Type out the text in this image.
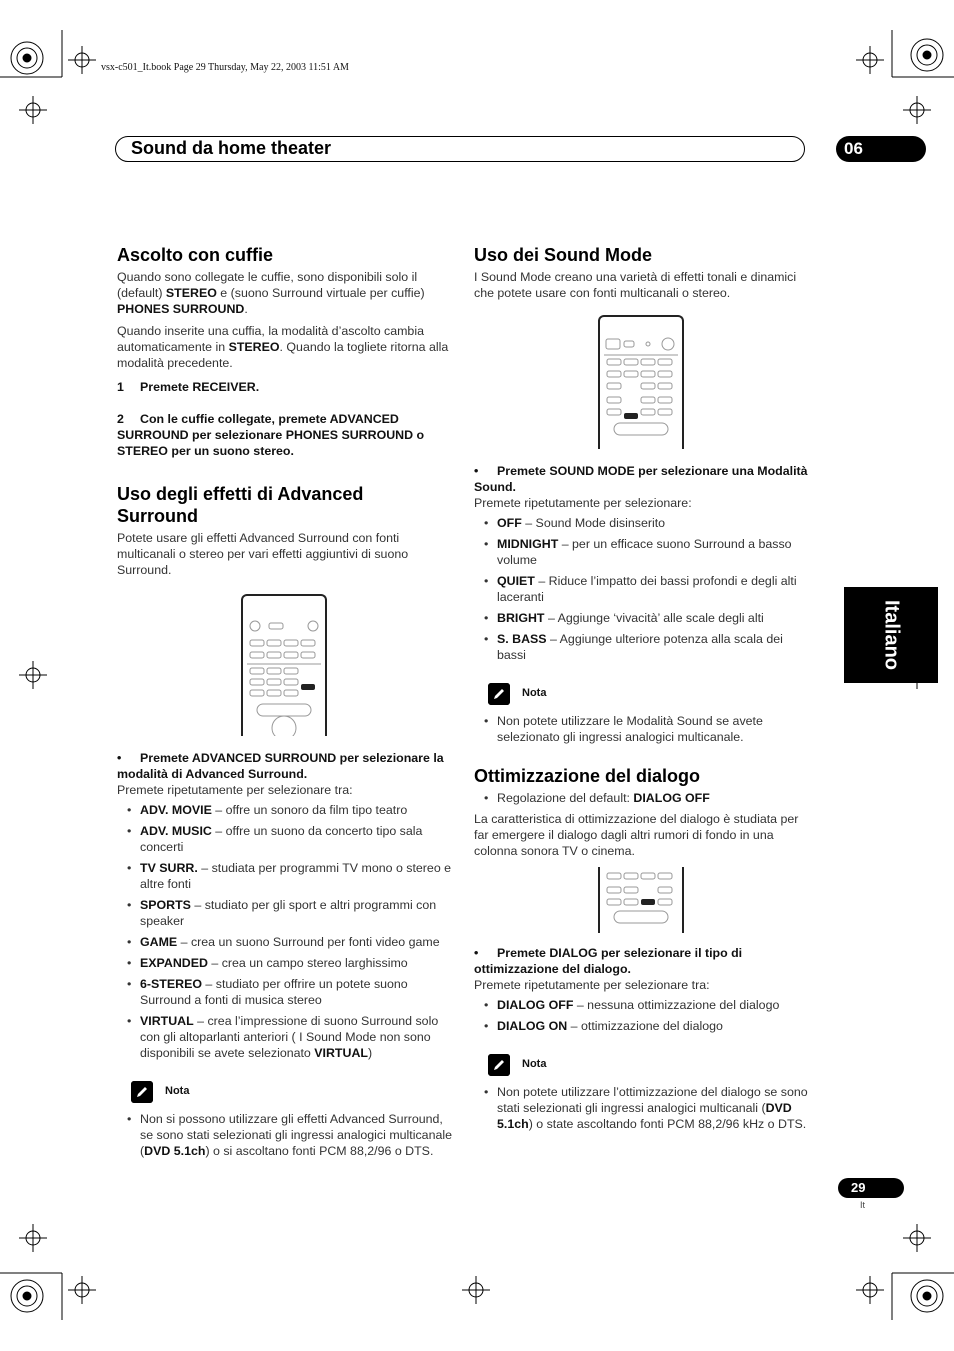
vsx-c501_It.book Page 29 Thursday, May 22, 2003 11:51 AM
Sound da home theater	06
Italiano
29
It
Ascolto con cuffie

Quando sono collegate le cuffie, sono disponibili solo il (default) STEREO e (suono Surround virtuale per cuffie) PHONES SURROUND.

Quando inserite una cuffia, la modalità d’ascolto cambia automaticamente in STEREO. Quando la togliete ritorna alla modalità precedente.

1 Premete RECEIVER.
2 Con le cuffie collegate, premete ADVANCED SURROUND per selezionare PHONES SURROUND o STEREO per un suono stereo.
Uso degli effetti di Advanced Surround

Potete usare gli effetti Advanced Surround con fonti multicanali o stereo per vari effetti aggiuntivi di suono Surround.

• Premete ADVANCED SURROUND per selezionare la modalità di Advanced Surround.

Premete ripetutamente per selezionare tra:

• ADV. MOVIE – offre un sonoro da film tipo teatro
• ADV. MUSIC – offre un suono da concerto tipo sala concerti
• TV SURR. – studiata per programmi TV mono o stereo e altre fonti
• SPORTS – studiato per gli sport e altri programmi con speaker
• GAME – crea un suono Surround per fonti video game
• EXPANDED – crea un campo stereo larghissimo
• 6-STEREO – studiato per offrire un potete suono Surround a fonti di musica stereo
• VIRTUAL – crea l’impressione di suono Surround solo con gli altoparlanti anteriori ( I Sound Mode non sono disponibili se avete selezionato VIRTUAL)
Nota
• Non si possono utilizzare gli effetti Advanced Surround, se sono stati selezionati gli ingressi analogici multicanale (DVD 5.1ch) o si ascoltano fonti PCM 88,2/96 o DTS.
Uso dei Sound Mode

I Sound Mode creano una varietà di effetti tonali e dinamici che potete usare con fonti multicanali o stereo.

• Premete SOUND MODE per selezionare una Modalità Sound.

Premete ripetutamente per selezionare:

• OFF – Sound Mode disinserito
• MIDNIGHT – per un efficace suono Surround a basso volume
• QUIET – Riduce l’impatto dei bassi profondi e degli alti laceranti
• BRIGHT – Aggiunge ‘vivacità’ alle scale degli alti
• S. BASS – Aggiunge ulteriore potenza alla scala dei bassi
Nota
• Non potete utilizzare le Modalità Sound se avete selezionato gli ingressi analogici multicanale.
Ottimizzazione del dialogo
• Regolazione del default: DIALOG OFF

La caratteristica di ottimizzazione del dialogo è studiata per far emergere il dialogo dagli altri rumori di fondo in una colonna sonora TV o cinema.

• Premete DIALOG per selezionare il tipo di ottimizzazione del dialogo.

Premete ripetutamente per selezionare tra:

• DIALOG OFF – nessuna ottimizzazione del dialogo
• DIALOG ON – ottimizzazione del dialogo
Nota
• Non potete utilizzare l’ottimizzazione del dialogo se sono stati selezionati gli ingressi analogici multicanali (DVD 5.1ch) o state ascoltando fonti PCM 88,2/96 kHz o DTS.
